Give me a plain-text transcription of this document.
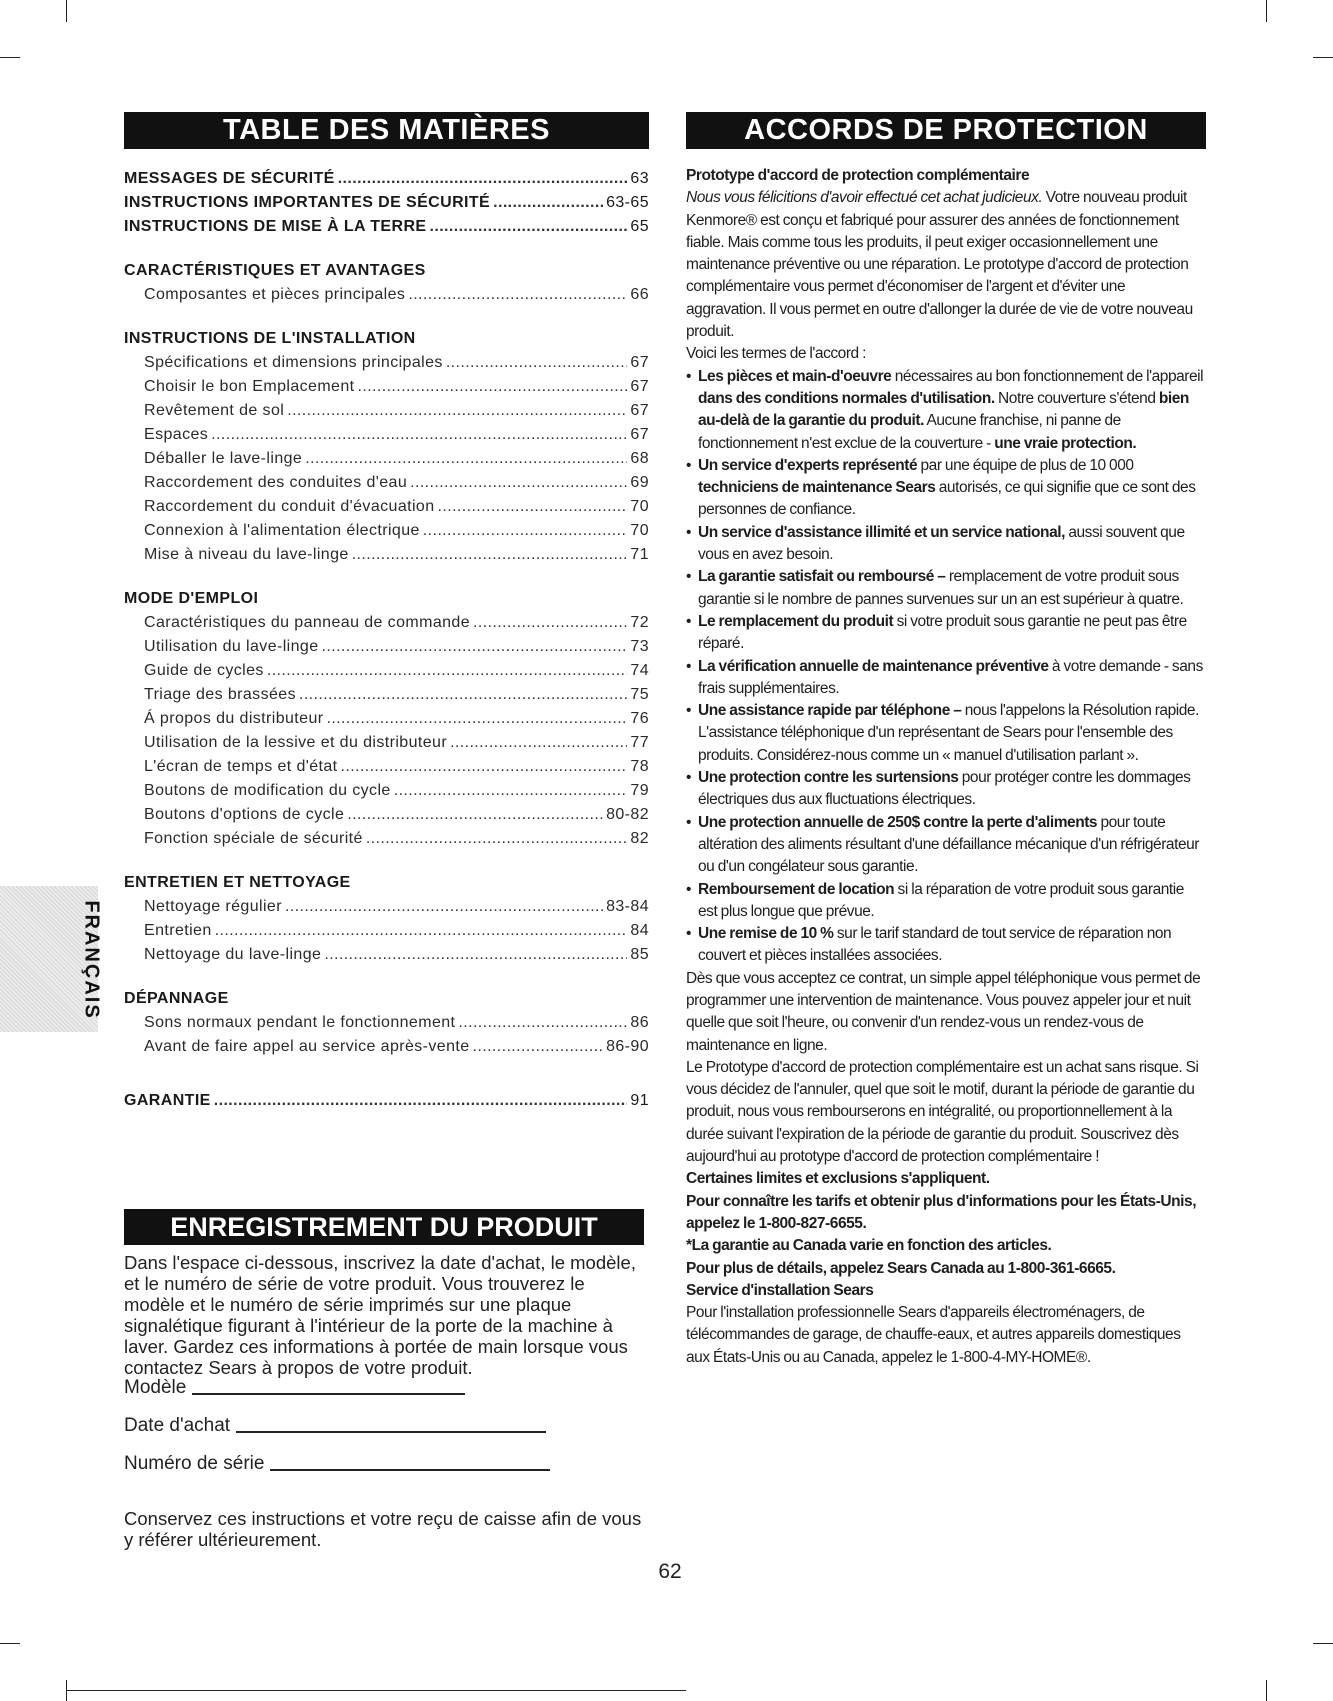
FRANÇAIS
TABLE DES MATIÈRES
MESSAGES DE SÉCURITÉ .....	63
INSTRUCTIONS IMPORTANTES DE SÉCURITÉ .....	63-65
INSTRUCTIONS DE MISE À LA TERRE .....	65
CARACTÉRISTIQUES ET AVANTAGES
Composantes et pièces principales .....	66
INSTRUCTIONS DE L'INSTALLATION
Spécifications et dimensions principales .....	67
Choisir le bon Emplacement .....	67
Revêtement de sol .....	67
Espaces .....	67
Déballer le lave-linge .....	68
Raccordement des conduites d'eau .....	69
Raccordement du conduit d'évacuation .....	70
Connexion à l'alimentation électrique .....	70
Mise à niveau du lave-linge .....	71
MODE D'EMPLOI
Caractéristiques du panneau de commande .....	72
Utilisation du lave-linge .....	73
Guide de cycles .....	74
Triage des brassées .....	75
Á propos du distributeur .....	76
Utilisation de la lessive et du distributeur .....	77
L'écran de temps et d'état .....	78
Boutons de modification du cycle .....	79
Boutons d'options de cycle .....	80-82
Fonction spéciale de sécurité .....	82
ENTRETIEN ET NETTOYAGE
Nettoyage régulier .....	83-84
Entretien .....	84
Nettoyage du lave-linge .....	85
DÉPANNAGE
Sons normaux pendant le fonctionnement .....	86
Avant de faire appel au service après-vente .....	86-90
GARANTIE .....	91
ENREGISTREMENT DU PRODUIT
Dans l'espace ci-dessous, inscrivez la date d'achat, le modèle, et le numéro de série de votre produit. Vous trouverez le modèle et le numéro de série imprimés sur une plaque signalétique figurant à l'intérieur de la porte de la machine à laver. Gardez ces informations à portée de main lorsque vous contactez Sears à propos de votre produit.
Modèle
Date d'achat
Numéro de série
Conservez ces instructions et votre reçu de caisse afin de vous y référer ultérieurement.
ACCORDS DE PROTECTION

Prototype d'accord de protection complémentaire

Nous vous félicitions d'avoir effectué cet achat judicieux. Votre nouveau produit Kenmore® est conçu et fabriqué pour assurer des années de fonctionnement fiable. Mais comme tous les produits, il peut exiger occasionnellement une maintenance préventive ou une réparation. Le prototype d'accord de protection complémentaire vous permet d'économiser de l'argent et d'éviter une aggravation. Il vous permet en outre d'allonger la durée de vie de votre nouveau produit.

Voici les termes de l'accord :

• Les pièces et main-d'oeuvre nécessaires au bon fonctionnement de l'appareil dans des conditions normales d'utilisation. Notre couverture s'étend bien au-delà de la garantie du produit. Aucune franchise, ni panne de fonctionnement n'est exclue de la couverture - une vraie protection.

• Un service d'experts représenté par une équipe de plus de 10 000 techniciens de maintenance Sears autorisés, ce qui signifie que ce sont des personnes de confiance.

• Un service d'assistance illimité et un service national, aussi souvent que vous en avez besoin.

• La garantie satisfait ou remboursé – remplacement de votre produit sous garantie si le nombre de pannes survenues sur un an est supérieur à quatre.

• Le remplacement du produit si votre produit sous garantie ne peut pas être réparé.

• La vérification annuelle de maintenance préventive à votre demande - sans frais supplémentaires.

• Une assistance rapide par téléphone – nous l'appelons la Résolution rapide. L'assistance téléphonique d'un représentant de Sears pour l'ensemble des produits. Considérez-nous comme un « manuel d'utilisation parlant ».

• Une protection contre les surtensions pour protéger contre les dommages électriques dus aux fluctuations électriques.

• Une protection annuelle de 250$ contre la perte d'aliments pour toute altération des aliments résultant d'une défaillance mécanique d'un réfrigérateur ou d'un congélateur sous garantie.

• Remboursement de location si la réparation de votre produit sous garantie est plus longue que prévue.

• Une remise de 10 % sur le tarif standard de tout service de réparation non couvert et pièces installées associées.

Dès que vous acceptez ce contrat, un simple appel téléphonique vous permet de programmer une intervention de maintenance. Vous pouvez appeler jour et nuit quelle que soit l'heure, ou convenir d'un rendez-vous un rendez-vous de maintenance en ligne.

Le Prototype d'accord de protection complémentaire est un achat sans risque. Si vous décidez de l'annuler, quel que soit le motif, durant la période de garantie du produit, nous vous rembourserons en intégralité, ou proportionnellement à la durée suivant l'expiration de la période de garantie du produit. Souscrivez dès aujourd'hui au prototype d'accord de protection complémentaire !

Certaines limites et exclusions s'appliquent.

Pour connaître les tarifs et obtenir plus d'informations pour les États-Unis, appelez le 1-800-827-6655.

*La garantie au Canada varie en fonction des articles.

Pour plus de détails, appelez Sears Canada au 1-800-361-6665.

Service d'installation Sears

Pour l'installation professionnelle Sears d'appareils électroménagers, de télécommandes de garage, de chauffe-eaux, et autres appareils domestiques aux États-Unis ou au Canada, appelez le 1-800-4-MY-HOME®.

62
